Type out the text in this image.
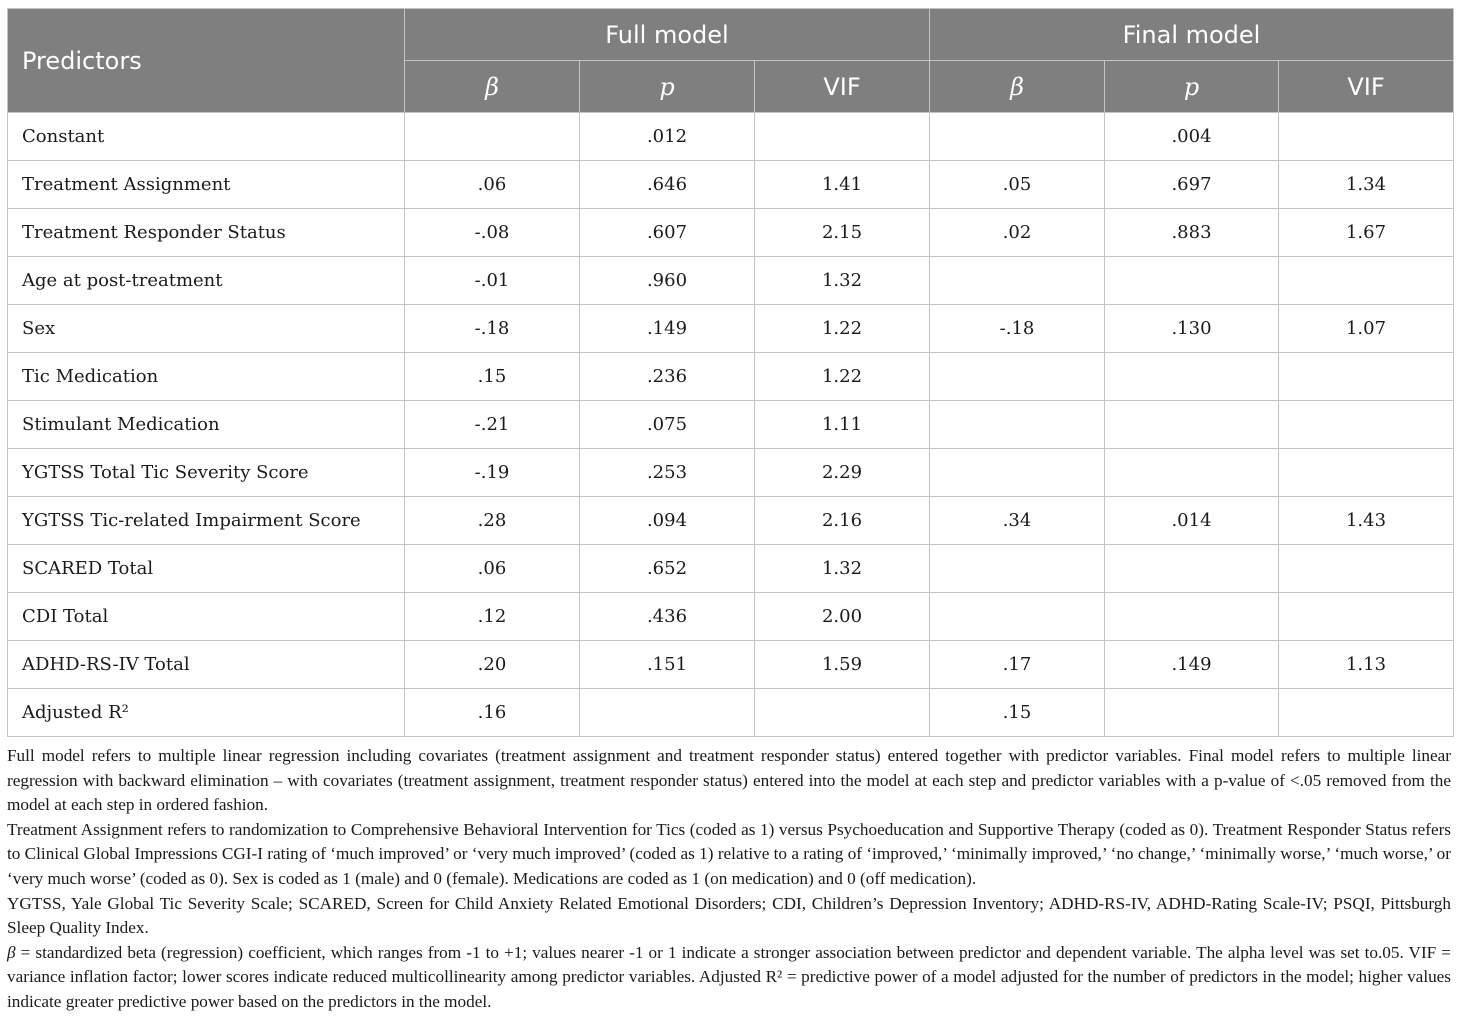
Predictors	Full model			Final model		
	β	p	VIF	β	p	VIF
Constant		.012			.004	
Treatment Assignment	.06	.646	1.41	.05	.697	1.34
Treatment Responder Status	-.08	.607	2.15	.02	.883	1.67
Age at post-treatment	-.01	.960	1.32			
Sex	-.18	.149	1.22	-.18	.130	1.07
Tic Medication	.15	.236	1.22			
Stimulant Medication	-.21	.075	1.11			
YGTSS Total Tic Severity Score	-.19	.253	2.29			
YGTSS Tic-related Impairment Score	.28	.094	2.16	.34	.014	1.43
SCARED Total	.06	.652	1.32			
CDI Total	.12	.436	2.00			
ADHD-RS-IV Total	.20	.151	1.59	.17	.149	1.13
Adjusted R²	.16			.15		

Full model refers to multiple linear regression including covariates (treatment assignment and treatment responder status) entered together with predictor variables. Final model refers to multiple linear regression with backward elimination – with covariates (treatment assignment, treatment responder status) entered into the model at each step and predictor variables with a p-value of <.05 removed from the model at each step in ordered fashion.

Treatment Assignment refers to randomization to Comprehensive Behavioral Intervention for Tics (coded as 1) versus Psychoeducation and Supportive Therapy (coded as 0). Treatment Responder Status refers to Clinical Global Impressions CGI-I rating of ‘much improved’ or ‘very much improved’ (coded as 1) relative to a rating of ‘improved,’ ‘minimally improved,’ ‘no change,’ ‘minimally worse,’ ‘much worse,’ or ‘very much worse’ (coded as 0). Sex is coded as 1 (male) and 0 (female). Medications are coded as 1 (on medication) and 0 (off medication).

YGTSS, Yale Global Tic Severity Scale; SCARED, Screen for Child Anxiety Related Emotional Disorders; CDI, Children’s Depression Inventory; ADHD-RS-IV, ADHD-Rating Scale-IV; PSQI, Pittsburgh Sleep Quality Index.

β = standardized beta (regression) coefficient, which ranges from -1 to +1; values nearer -1 or 1 indicate a stronger association between predictor and dependent variable. The alpha level was set to.05. VIF = variance inflation factor; lower scores indicate reduced multicollinearity among predictor variables. Adjusted R² = predictive power of a model adjusted for the number of predictors in the model; higher values indicate greater predictive power based on the predictors in the model.
